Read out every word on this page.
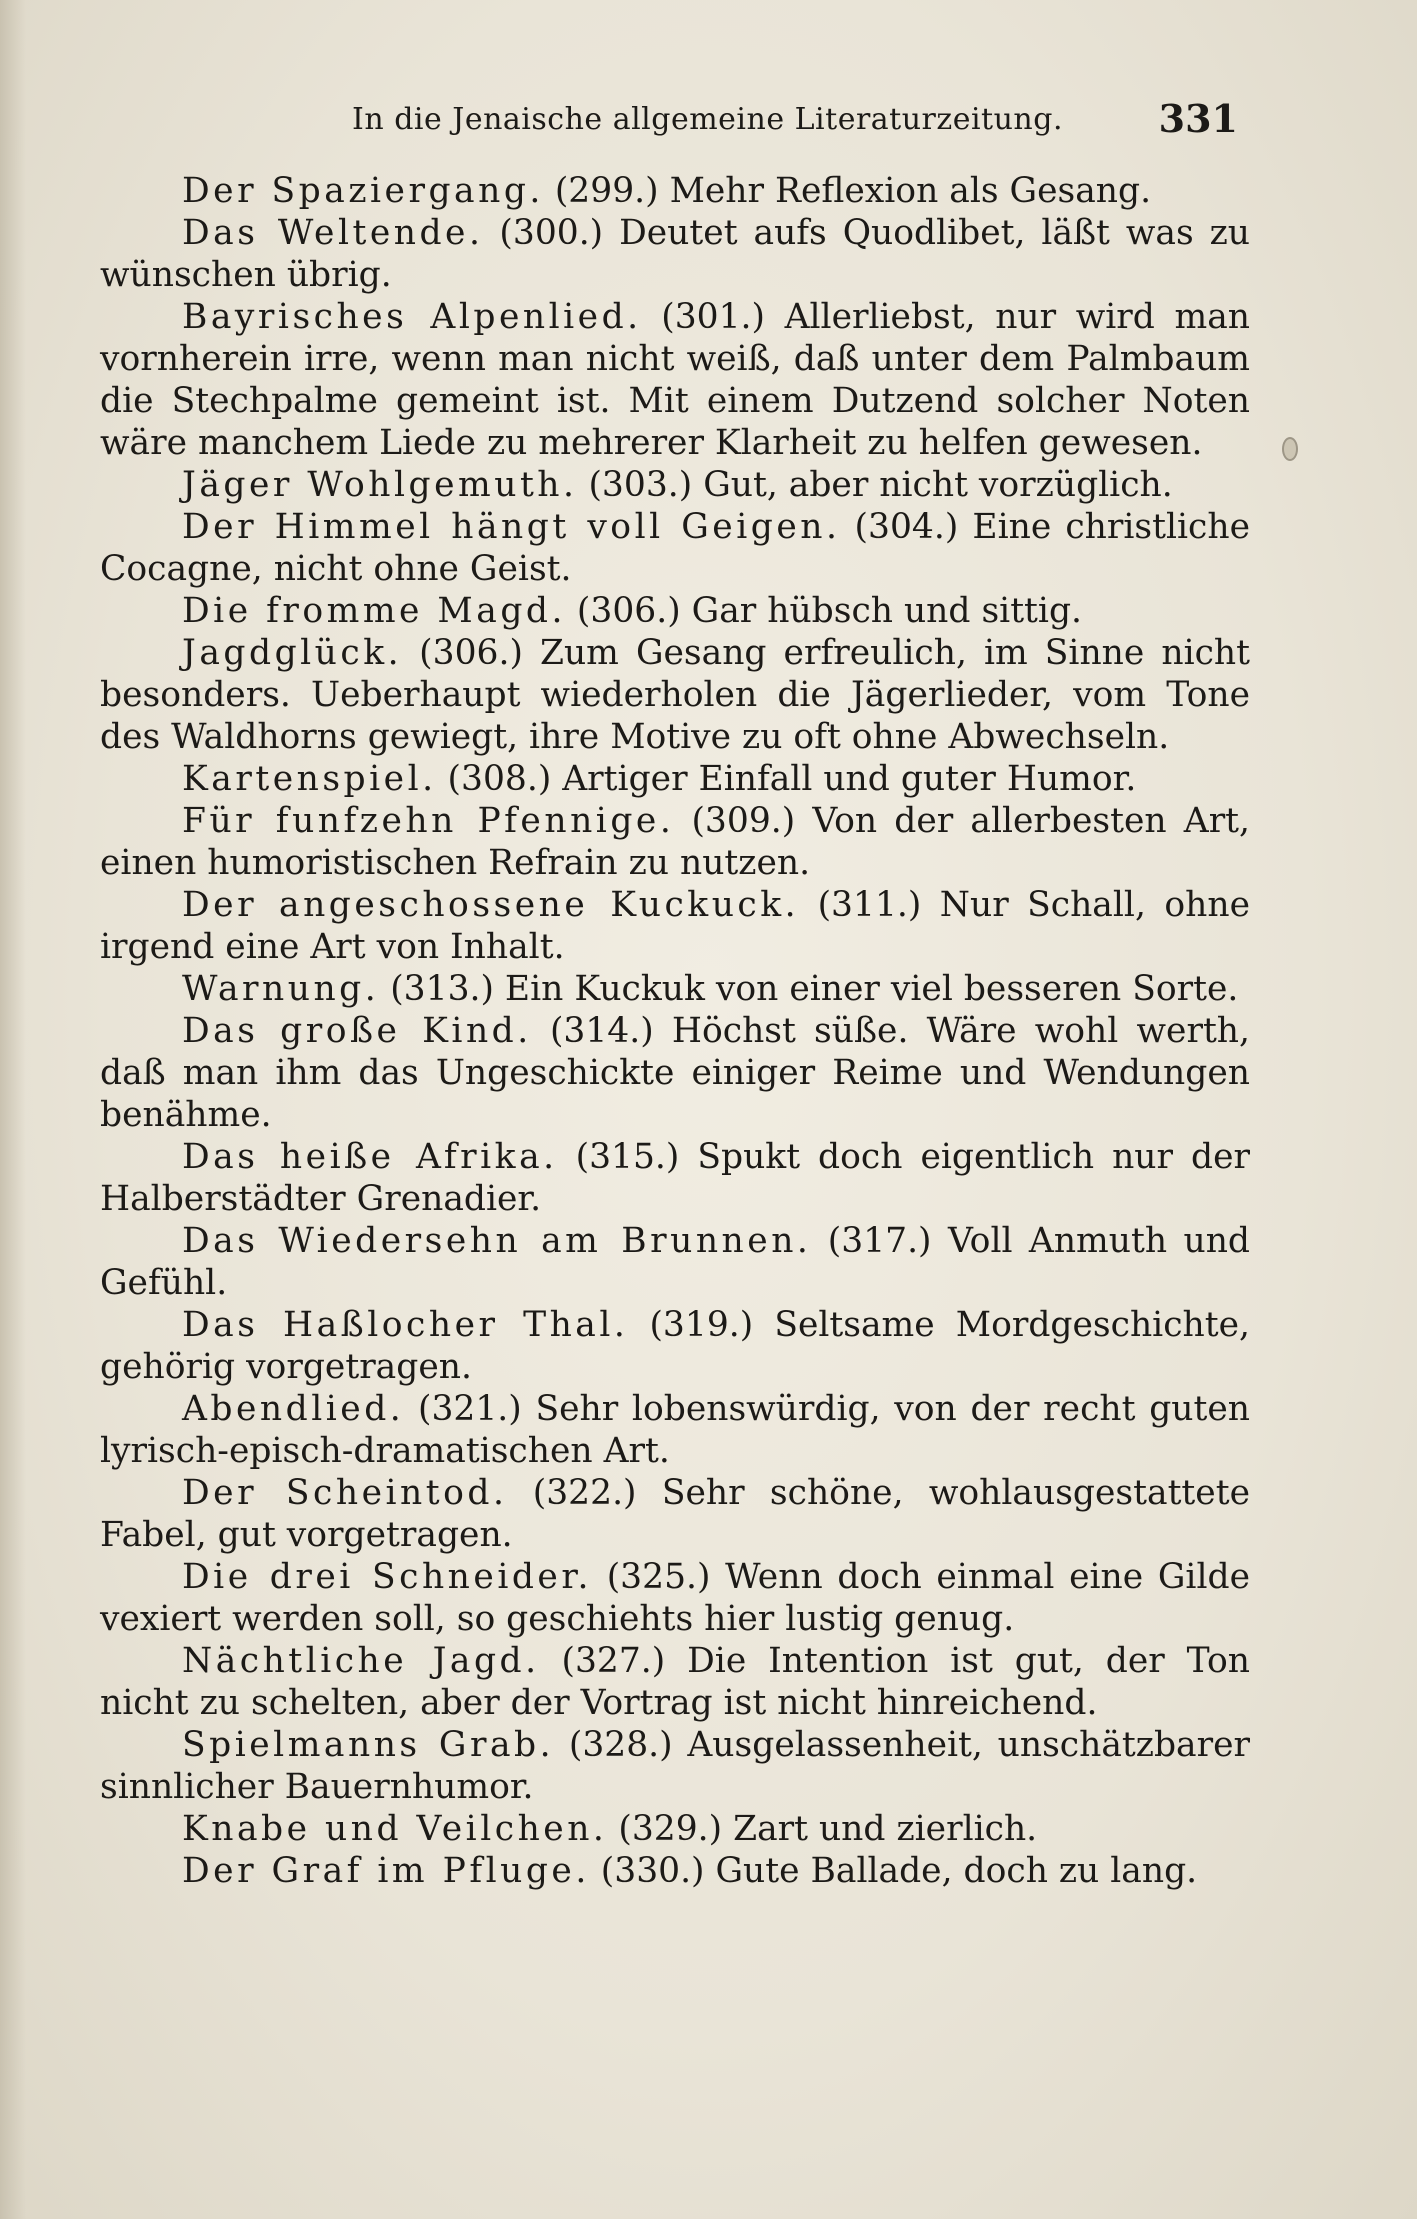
In die Jenaische allgemeine Literaturzeitung.	331

Der Spaziergang. (299.) Mehr Reflexion als Gesang.

Das Weltende. (300.) Deutet aufs Quodlibet, läßt was zu wünschen übrig.

Bayrisches Alpenlied. (301.) Allerliebst, nur wird man vornherein irre, wenn man nicht weiß, daß unter dem Palmbaum die Stechpalme gemeint ist. Mit einem Dutzend solcher Noten wäre manchem Liede zu mehrerer Klarheit zu helfen gewesen.

Jäger Wohlgemuth. (303.) Gut, aber nicht vorzüglich.

Der Himmel hängt voll Geigen. (304.) Eine christliche Cocagne, nicht ohne Geist.

Die fromme Magd. (306.) Gar hübsch und sittig.

Jagdglück. (306.) Zum Gesang erfreulich, im Sinne nicht besonders. Ueberhaupt wiederholen die Jägerlieder, vom Tone des Waldhorns gewiegt, ihre Motive zu oft ohne Abwechseln.

Kartenspiel. (308.) Artiger Einfall und guter Humor.

Für funfzehn Pfennige. (309.) Von der allerbesten Art, einen humoristischen Refrain zu nutzen.

Der angeschossene Kuckuck. (311.) Nur Schall, ohne irgend eine Art von Inhalt.

Warnung. (313.) Ein Kuckuk von einer viel besseren Sorte.

Das große Kind. (314.) Höchst süße. Wäre wohl werth, daß man ihm das Ungeschickte einiger Reime und Wendungen benähme.

Das heiße Afrika. (315.) Spukt doch eigentlich nur der Halberstädter Grenadier.

Das Wiedersehn am Brunnen. (317.) Voll Anmuth und Gefühl.

Das Haßlocher Thal. (319.) Seltsame Mordgeschichte, gehörig vorgetragen.

Abendlied. (321.) Sehr lobenswürdig, von der recht guten lyrisch-episch-dramatischen Art.

Der Scheintod. (322.) Sehr schöne, wohlausgestattete Fabel, gut vorgetragen.

Die drei Schneider. (325.) Wenn doch einmal eine Gilde vexiert werden soll, so geschiehts hier lustig genug.

Nächtliche Jagd. (327.) Die Intention ist gut, der Ton nicht zu schelten, aber der Vortrag ist nicht hinreichend.

Spielmanns Grab. (328.) Ausgelassenheit, unschätzbarer sinnlicher Bauernhumor.

Knabe und Veilchen. (329.) Zart und zierlich.

Der Graf im Pfluge. (330.) Gute Ballade, doch zu lang.
